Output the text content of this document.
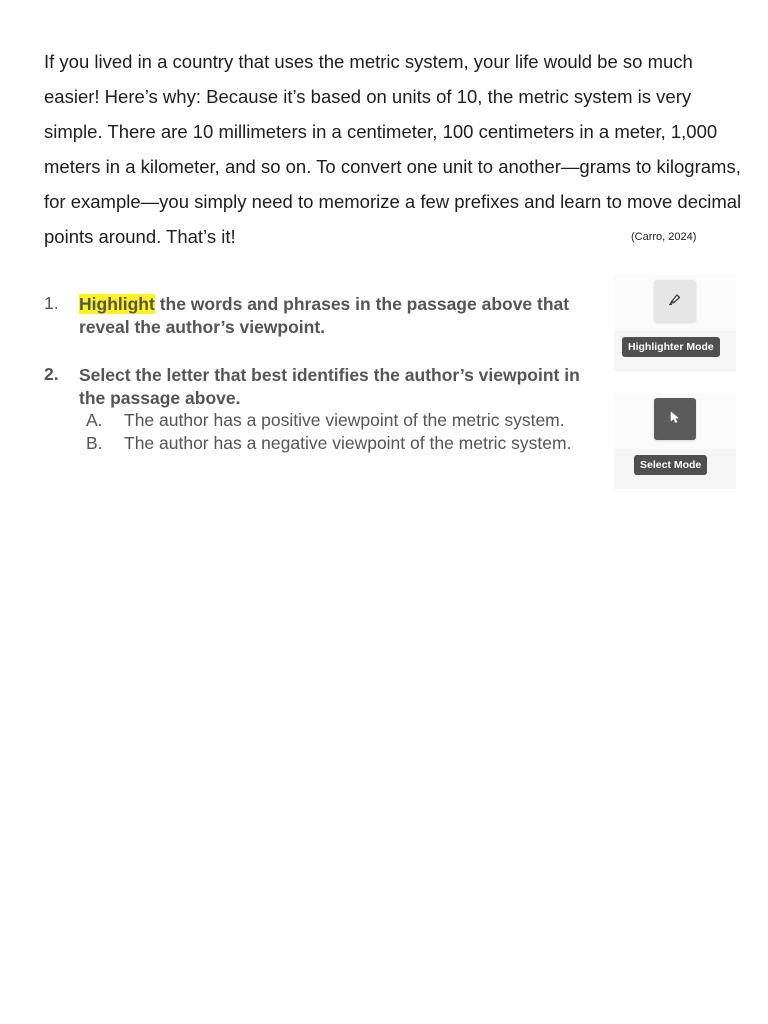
If you lived in a country that uses the metric system, your life would be so much easier! Here’s why: Because it’s based on units of 10, the metric system is very simple. There are 10 millimeters in a centimeter, 100 centimeters in a meter, 1,000 meters in a kilometer, and so on. To convert one unit to another—grams to kilograms, for example—you simply need to memorize a few prefixes and learn to move decimal points around. That’s it!	(Carro, 2024)
1. Highlight the words and phrases in the passage above that reveal the author’s viewpoint.
2. Select the letter that best identifies the author’s viewpoint in the passage above.
A. The author has a positive viewpoint of the metric system.
B. The author has a negative viewpoint of the metric system.
Highlighter Mode
Select Mode
